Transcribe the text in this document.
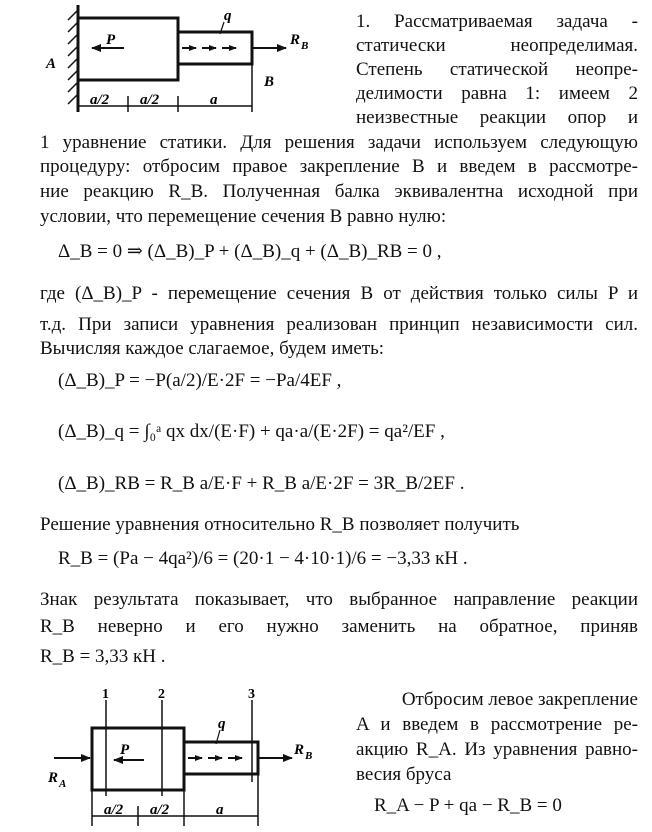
A
P
q
R B
B
a/2 a/2	a
1. Рассматриваемая задача -
статически неопределимая.
Степень статической неопре-
делимости равна 1: имеем 2
неизвестные реакции опор и
1 уравнение статики. Для решения задачи используем следующую
процедуру: отбросим правое закрепление B и введем в рассмотре-
ние реакцию R_B. Полученная балка эквивалентна исходной при
условии, что перемещение сечения B равно нулю:
Δ_B = 0 ⇒ (Δ_B)_P + (Δ_B)_q + (Δ_B)_RB = 0 ,
где (Δ_B)_P - перемещение сечения B от действия только силы P и
т.д. При записи уравнения реализован принцип независимости сил.
Вычисляя каждое слагаемое, будем иметь:
(Δ_B)_P = −P(a/2)/E·2F = −Pa/4EF ,
(Δ_B)_q = ∫₀ᵃ qx dx/(E·F) + qa·a/(E·2F) = qa²/EF ,
(Δ_B)_RB = R_B a/E·F + R_B a/E·2F = 3R_B/2EF .
Решение уравнения относительно R_B позволяет получить
R_B = (Pa − 4qa²)/6 = (20·1 − 4·10·1)/6 = −3,33 кН .
Знак результата показывает, что выбранное направление реакции
R_B неверно и его нужно заменить на обратное, приняв
R_B = 3,33 кН .
1	2	3
P
q
R A
R B
a/2 a/2	a
Отбросим левое закрепление
A и введем в рассмотрение ре-
акцию R_A. Из уравнения равно-
весия бруса
R_A − P + qa − R_B = 0
